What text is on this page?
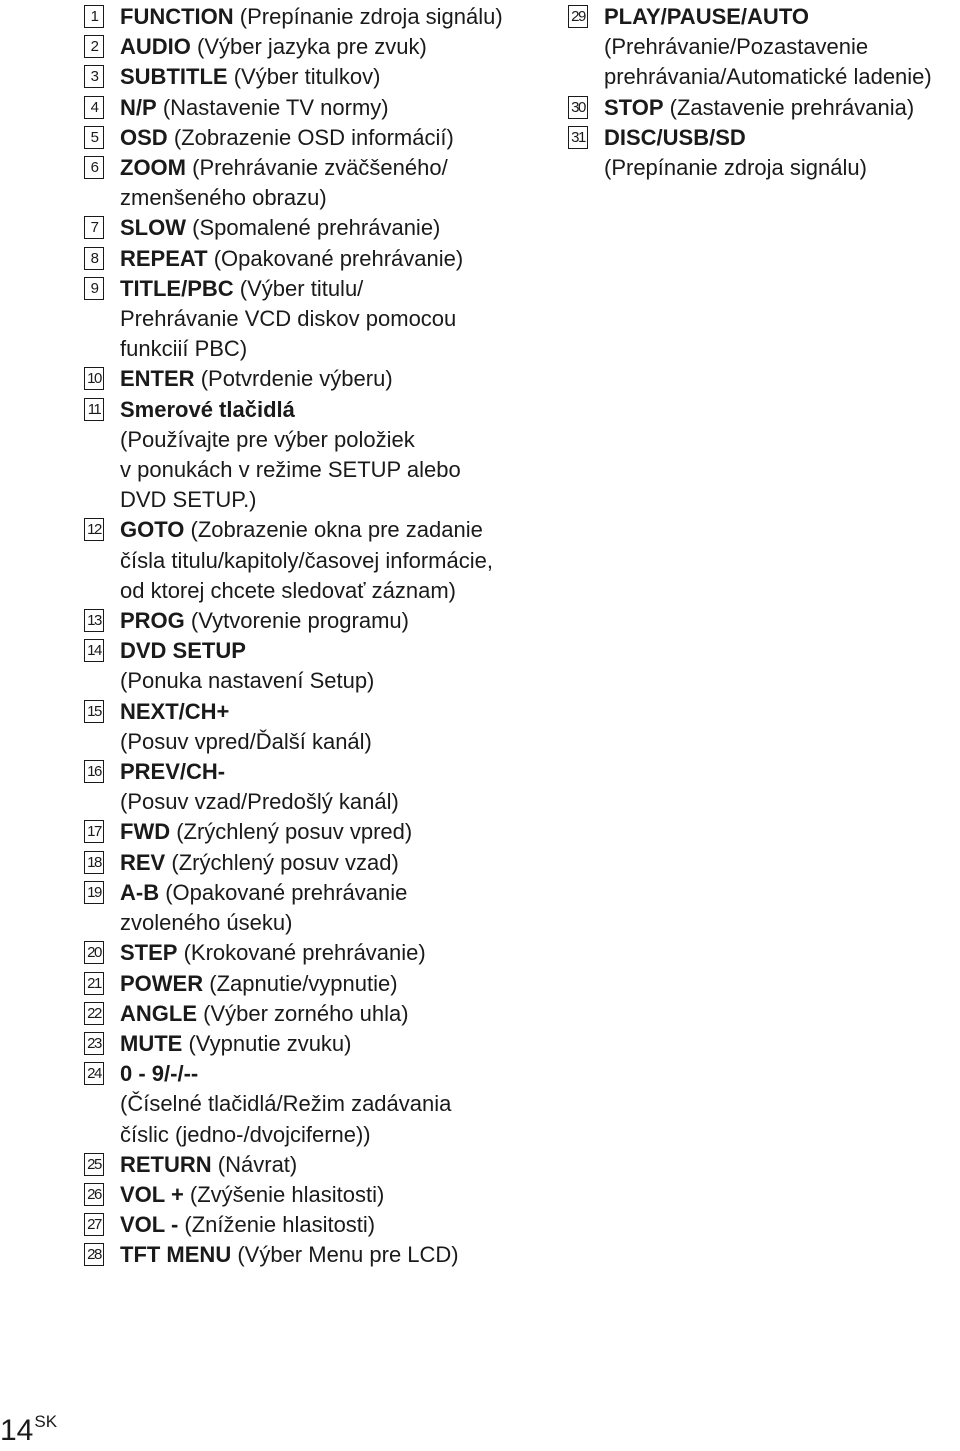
1 FUNCTION (Prepínanie zdroja signálu)
2 AUDIO (Výber jazyka pre zvuk)
3 SUBTITLE (Výber titulkov)
4 N/P (Nastavenie TV normy)
5 OSD (Zobrazenie OSD informácií)
6 ZOOM (Prehrávanie zväčšeného/
zmenšeného obrazu)
7 SLOW (Spomalené prehrávanie)
8 REPEAT (Opakované prehrávanie)
9 TITLE/PBC (Výber titulu/
Prehrávanie VCD diskov pomocou
funkciií PBC)
10 ENTER (Potvrdenie výberu)
11 Smerové tlačidlá
(Používajte pre výber položiek
v ponukách v režime SETUP alebo
DVD SETUP.)
12 GOTO (Zobrazenie okna pre zadanie
čísla titulu/kapitoly/časovej informácie,
od ktorej chcete sledovať záznam)
13 PROG (Vytvorenie programu)
14 DVD SETUP
(Ponuka nastavení Setup)
15 NEXT/CH+
(Posuv vpred/Ďalší kanál)
16 PREV/CH-
(Posuv vzad/Predošlý kanál)
17 FWD (Zrýchlený posuv vpred)
18 REV (Zrýchlený posuv vzad)
19 A-B (Opakované prehrávanie
zvoleného úseku)
20 STEP (Krokované prehrávanie)
21 POWER (Zapnutie/vypnutie)
22 ANGLE (Výber zorného uhla)
23 MUTE (Vypnutie zvuku)
24 0 - 9/-/--
(Číselné tlačidlá/Režim zadávania
číslic (jedno-/dvojciferne))
25 RETURN (Návrat)
26 VOL + (Zvýšenie hlasitosti)
27 VOL - (Zníženie hlasitosti)
28 TFT MENU (Výber Menu pre LCD)
29 PLAY/PAUSE/AUTO
(Prehrávanie/Pozastavenie
prehrávania/Automatické ladenie)
30 STOP (Zastavenie prehrávania)
31 DISC/USB/SD
(Prepínanie zdroja signálu)
$14^{SK}$
